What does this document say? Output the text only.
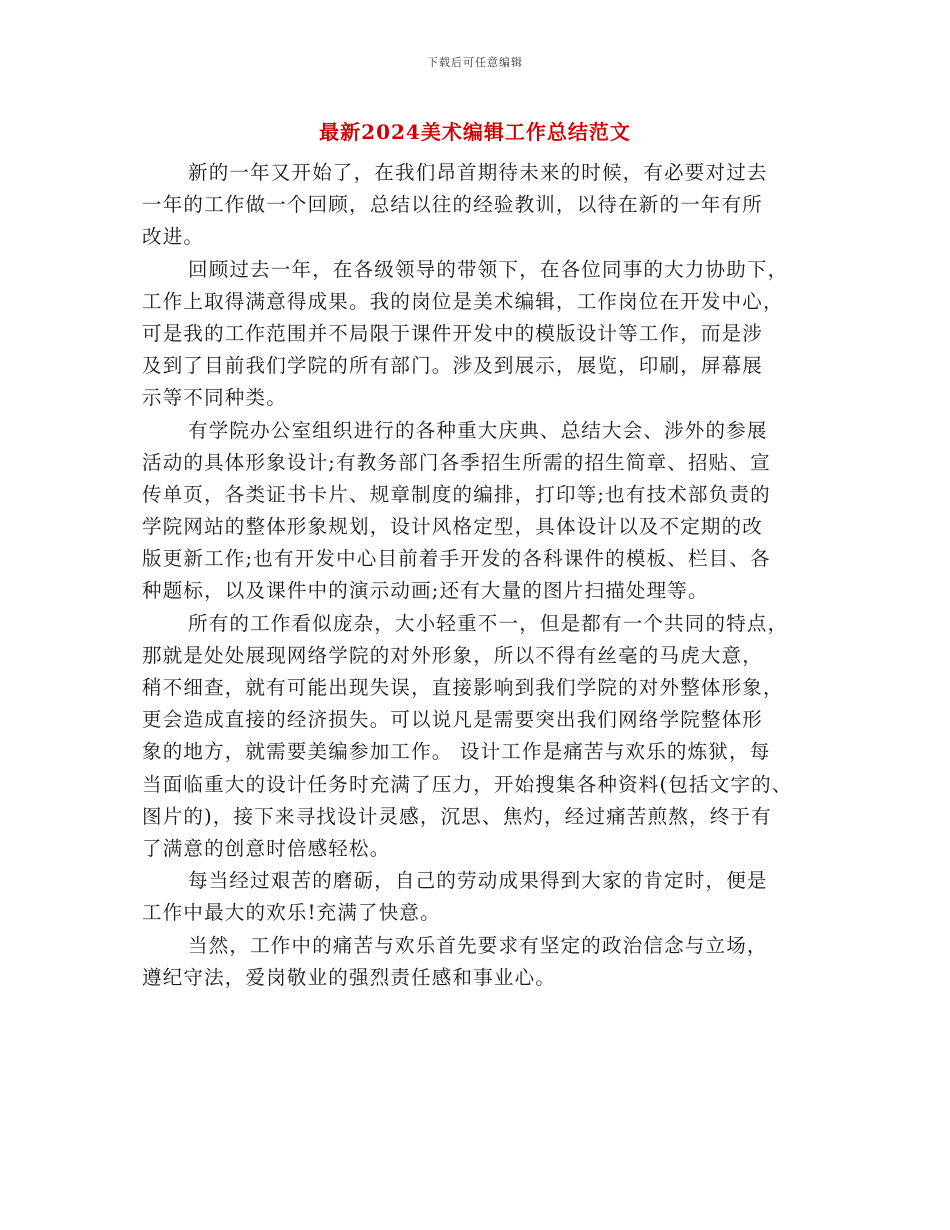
下载后可任意编辑
最新2024美术编辑工作总结范文
新的一年又开始了，在我们昂首期待未来的时候，有必要对过去
一年的工作做一个回顾，总结以往的经验教训，以待在新的一年有所
改进。
回顾过去一年，在各级领导的带领下，在各位同事的大力协助下，
工作上取得满意得成果。我的岗位是美术编辑，工作岗位在开发中心，
可是我的工作范围并不局限于课件开发中的模版设计等工作，而是涉
及到了目前我们学院的所有部门。涉及到展示，展览，印刷，屏幕展
示等不同种类。
有学院办公室组织进行的各种重大庆典、总结大会、涉外的参展
活动的具体形象设计;有教务部门各季招生所需的招生简章、招贴、宣
传单页，各类证书卡片、规章制度的编排，打印等;也有技术部负责的
学院网站的整体形象规划，设计风格定型，具体设计以及不定期的改
版更新工作;也有开发中心目前着手开发的各科课件的模板、栏目、各
种题标，以及课件中的演示动画;还有大量的图片扫描处理等。
所有的工作看似庞杂，大小轻重不一，但是都有一个共同的特点，
那就是处处展现网络学院的对外形象，所以不得有丝毫的马虎大意，
稍不细查，就有可能出现失误，直接影响到我们学院的对外整体形象，
更会造成直接的经济损失。可以说凡是需要突出我们网络学院整体形
象的地方，就需要美编参加工作。 设计工作是痛苦与欢乐的炼狱，每
当面临重大的设计任务时充满了压力，开始搜集各种资料(包括文字的、
图片的)，接下来寻找设计灵感，沉思、焦灼，经过痛苦煎熬，终于有
了满意的创意时倍感轻松。
每当经过艰苦的磨砺，自己的劳动成果得到大家的肯定时，便是
工作中最大的欢乐!充满了快意。
当然，工作中的痛苦与欢乐首先要求有坚定的政治信念与立场，
遵纪守法，爱岗敬业的强烈责任感和事业心。
